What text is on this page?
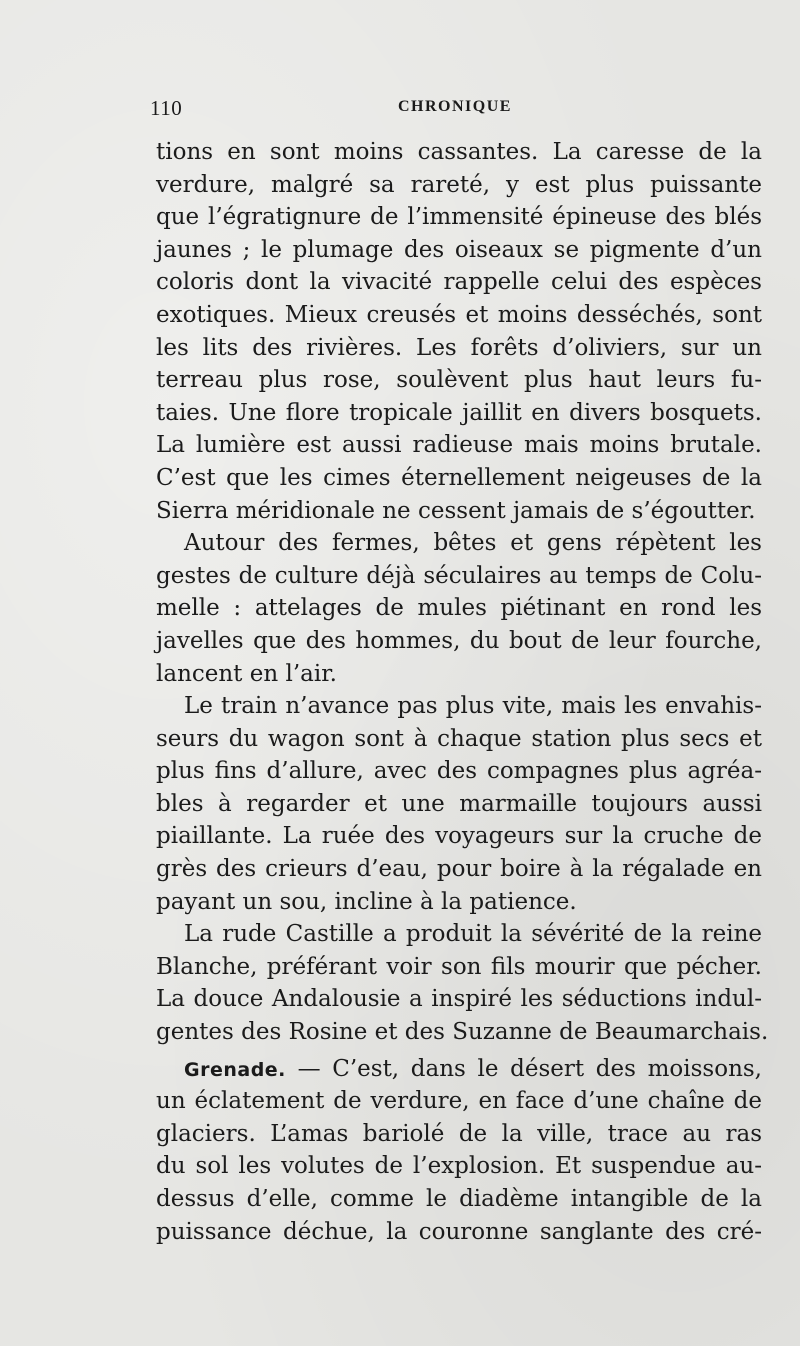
110	CHRONIQUE
tions en sont moins cassantes. La caresse de la
verdure, malgré sa rareté, y est plus puissante
que l’égratignure de l’immensité épineuse des blés
jaunes ; le plumage des oiseaux se pigmente d’un
coloris dont la vivacité rappelle celui des espèces
exotiques. Mieux creusés et moins desséchés, sont
les lits des rivières. Les forêts d’oliviers, sur un
terreau plus rose, soulèvent plus haut leurs fu-
taies. Une flore tropicale jaillit en divers bosquets.
La lumière est aussi radieuse mais moins brutale.
C’est que les cimes éternellement neigeuses de la
Sierra méridionale ne cessent jamais de s’égoutter.
Autour des fermes, bêtes et gens répètent les
gestes de culture déjà séculaires au temps de Colu-
melle : attelages de mules piétinant en rond les
javelles que des hommes, du bout de leur fourche,
lancent en l’air.
Le train n’avance pas plus vite, mais les envahis-
seurs du wagon sont à chaque station plus secs et
plus fins d’allure, avec des compagnes plus agréa-
bles à regarder et une marmaille toujours aussi
piaillante. La ruée des voyageurs sur la cruche de
grès des crieurs d’eau, pour boire à la régalade en
payant un sou, incline à la patience.
La rude Castille a produit la sévérité de la reine
Blanche, préférant voir son fils mourir que pécher.
La douce Andalousie a inspiré les séductions indul-
gentes des Rosine et des Suzanne de Beaumarchais.
Grenade. — C’est, dans le désert des moissons,
un éclatement de verdure, en face d’une chaîne de
glaciers. L’amas bariolé de la ville, trace au ras
du sol les volutes de l’explosion. Et suspendue au-
dessus d’elle, comme le diadème intangible de la
puissance déchue, la couronne sanglante des cré-
